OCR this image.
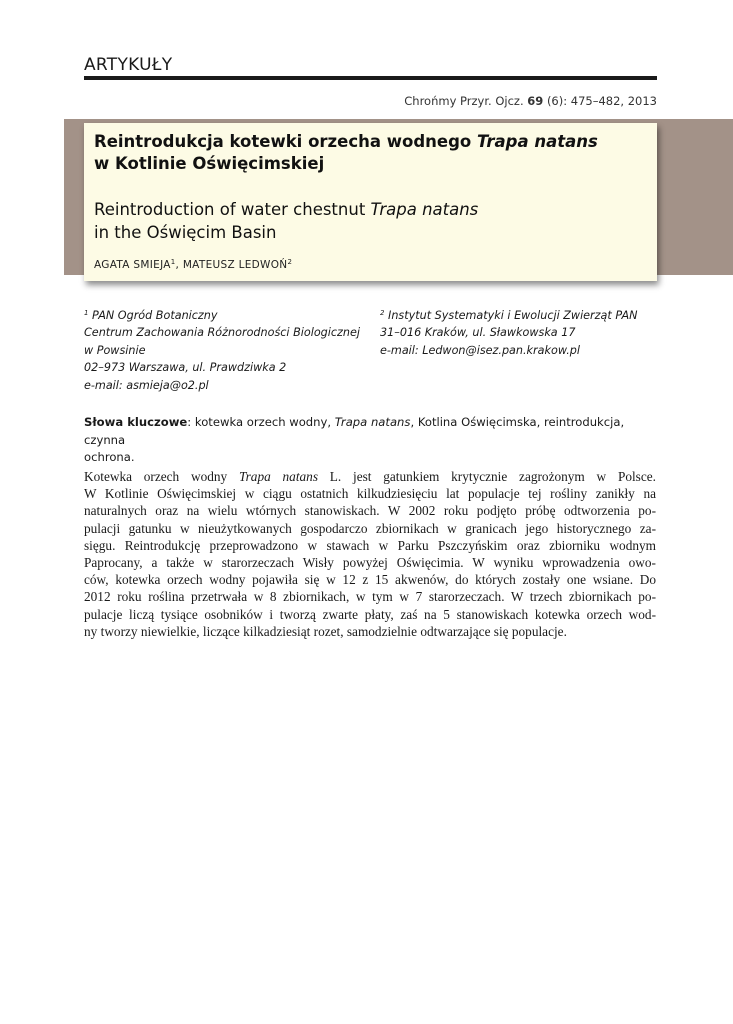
ARTYKUŁY
Chrońmy Przyr. Ojcz. 69 (6): 475–482, 2013
Reintrodukcja kotewki orzecha wodnego Trapa natans
w Kotlinie Oświęcimskiej
Reintroduction of water chestnut Trapa natans
in the Oświęcim Basin
AGATA SMIEJA$^1$, MATEUSZ LEDWOŃ$^2$
$^1$ PAN Ogród Botaniczny
Centrum Zachowania Różnorodności Biologicznej
w Powsinie
02–973 Warszawa, ul. Prawdziwka 2
e-mail: asmieja@o2.pl
$^2$ Instytut Systematyki i Ewolucji Zwierząt PAN
31–016 Kraków, ul. Sławkowska 17
e-mail: Ledwon@isez.pan.krakow.pl
Słowa kluczowe: kotewka orzech wodny, Trapa natans, Kotlina Oświęcimska, reintrodukcja, czynna
ochrona.
Kotewka orzech wodny Trapa natans L. jest gatunkiem krytycznie zagrożonym w Polsce.
W Kotlinie Oświęcimskiej w ciągu ostatnich kilkudziesięciu lat populacje tej rośliny zanikły na
naturalnych oraz na wielu wtórnych stanowiskach. W 2002 roku podjęto próbę odtworzenia po-
pulacji gatunku w nieużytkowanych gospodarczo zbiornikach w granicach jego historycznego za-
sięgu. Reintrodukcję przeprowadzono w stawach w Parku Pszczyńskim oraz zbiorniku wodnym
Paprocany, a także w starorzeczach Wisły powyżej Oświęcimia. W wyniku wprowadzenia owo-
ców, kotewka orzech wodny pojawiła się w 12 z 15 akwenów, do których zostały one wsiane. Do
2012 roku roślina przetrwała w 8 zbiornikach, w tym w 7 starorzeczach. W trzech zbiornikach po-
pulacje liczą tysiące osobników i tworzą zwarte płaty, zaś na 5 stanowiskach kotewka orzech wod-
ny tworzy niewielkie, liczące kilkadziesiąt rozet, samodzielnie odtwarzające się populacje.
